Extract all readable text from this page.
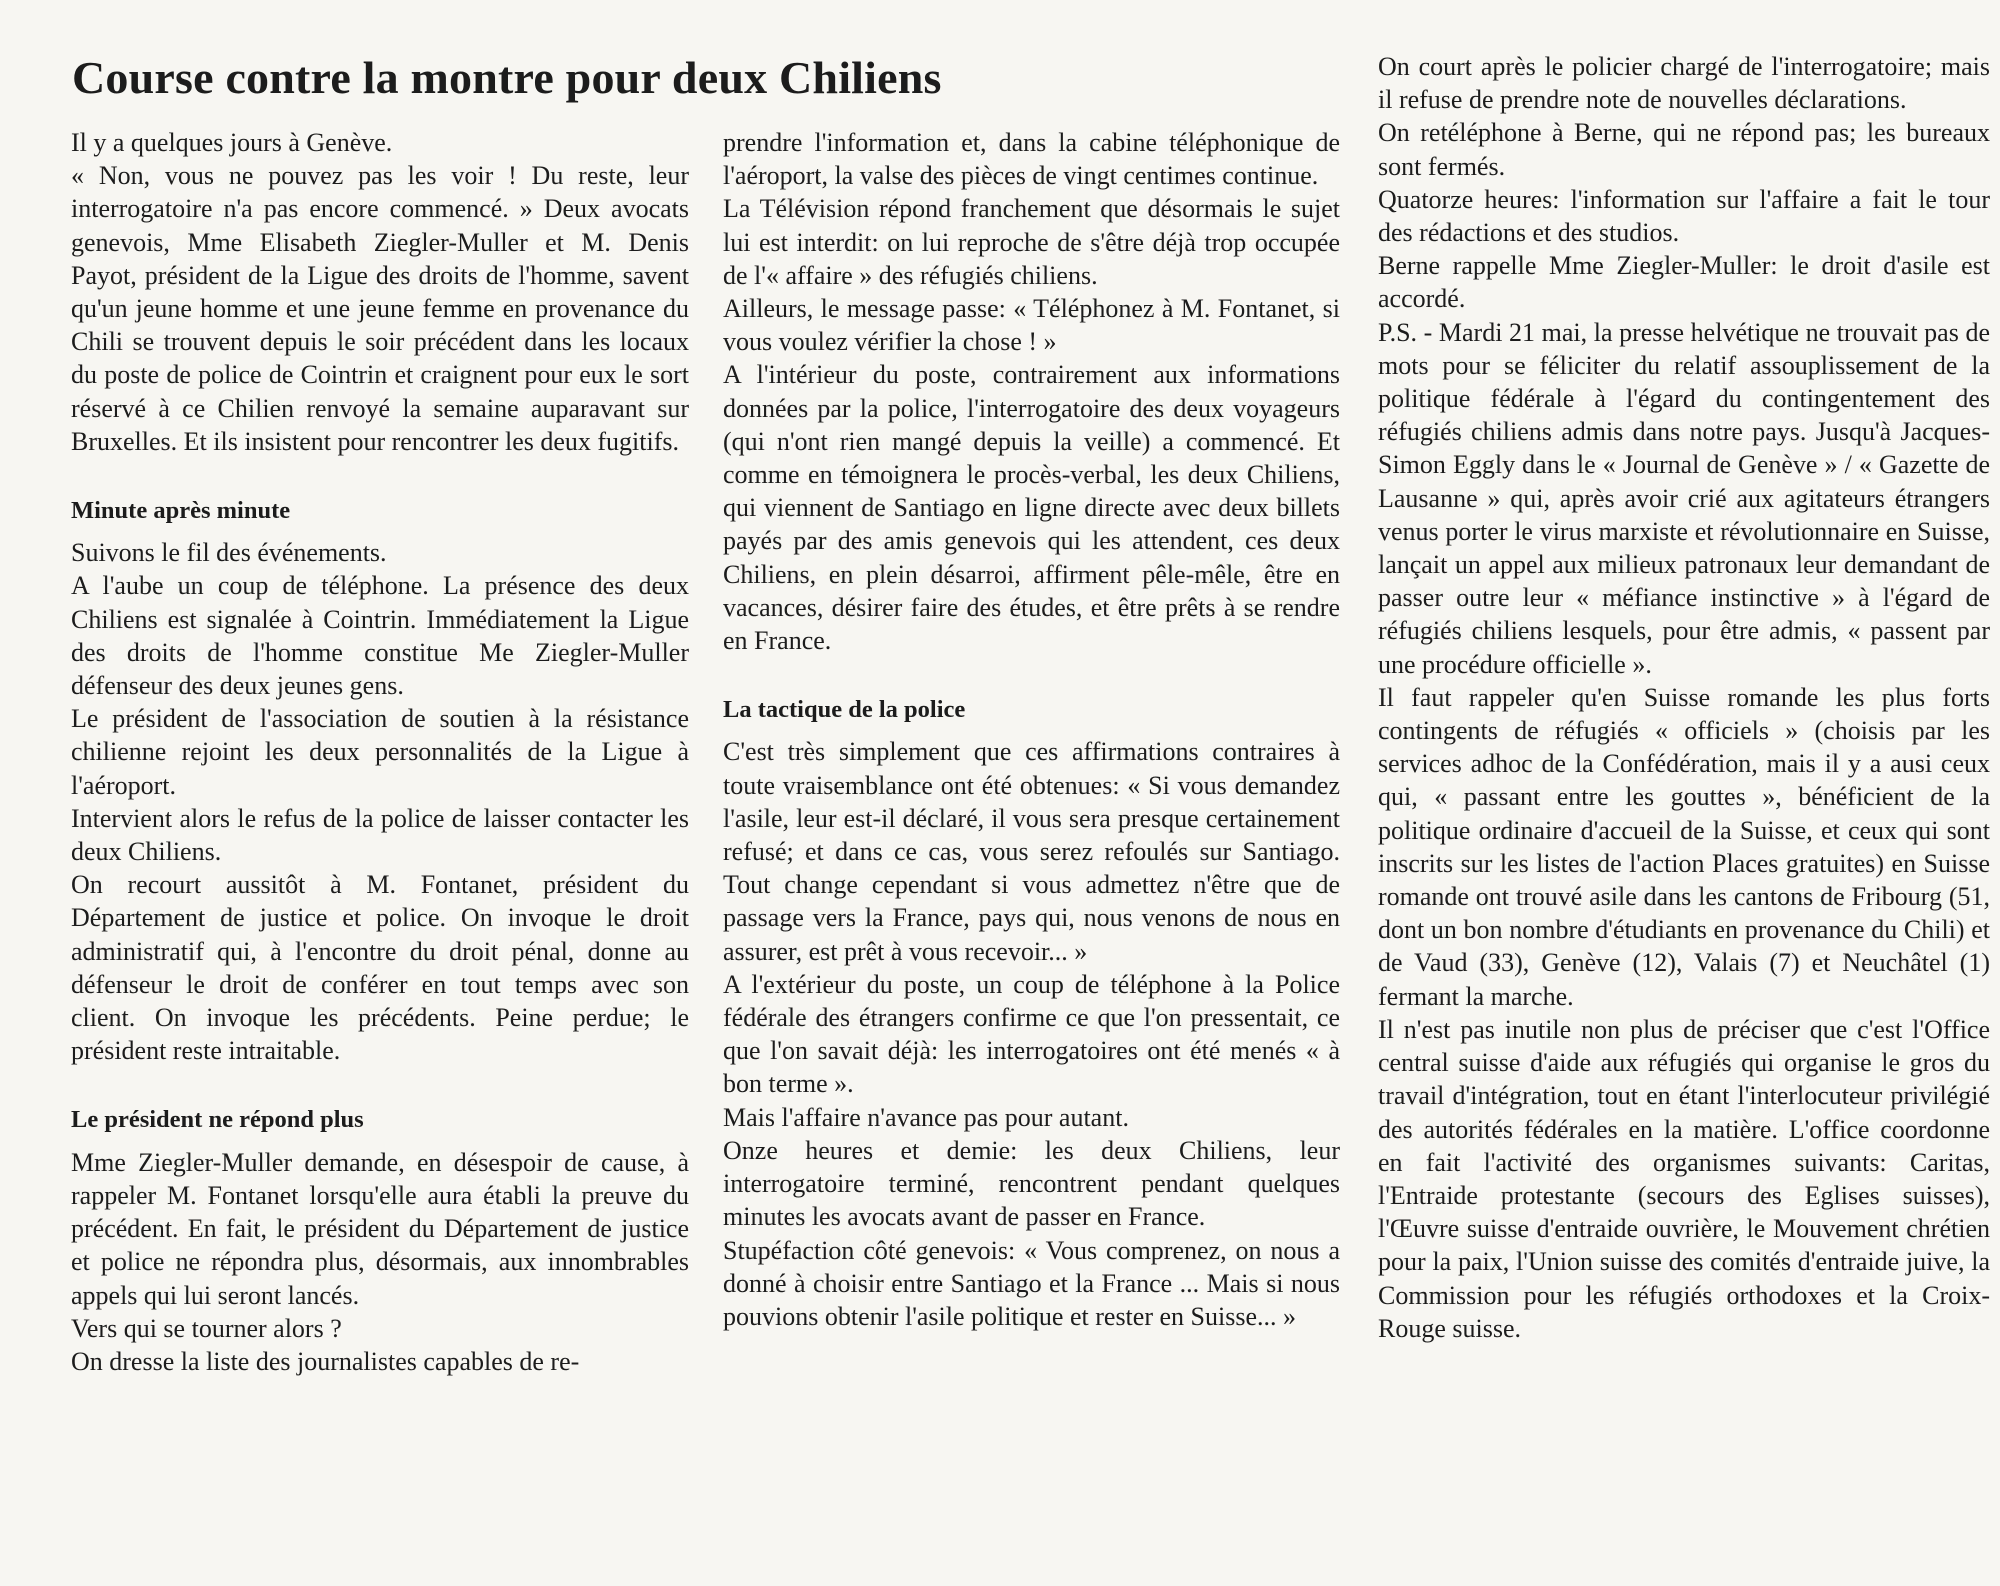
Course contre la montre pour deux Chiliens

Il y a quelques jours à Genève.

« Non, vous ne pouvez pas les voir ! Du reste, leur interrogatoire n'a pas encore commencé. » Deux avocats genevois, Mme Elisabeth Ziegler-Muller et M. Denis Payot, président de la Ligue des droits de l'homme, savent qu'un jeune homme et une jeune femme en provenance du Chili se trouvent depuis le soir précédent dans les locaux du poste de police de Cointrin et craignent pour eux le sort réservé à ce Chilien renvoyé la semaine auparavant sur Bruxelles. Et ils insistent pour rencontrer les deux fugitifs.

Minute après minute

Suivons le fil des événements.

A l'aube un coup de téléphone. La présence des deux Chiliens est signalée à Cointrin. Immédiatement la Ligue des droits de l'homme constitue Me Ziegler-Muller défenseur des deux jeunes gens.

Le président de l'association de soutien à la résistance chilienne rejoint les deux personnalités de la Ligue à l'aéroport.

Intervient alors le refus de la police de laisser contacter les deux Chiliens.

On recourt aussitôt à M. Fontanet, président du Département de justice et police. On invoque le droit administratif qui, à l'encontre du droit pénal, donne au défenseur le droit de conférer en tout temps avec son client. On invoque les précédents. Peine perdue; le président reste intraitable.

Le président ne répond plus

Mme Ziegler-Muller demande, en désespoir de cause, à rappeler M. Fontanet lorsqu'elle aura établi la preuve du précédent. En fait, le président du Département de justice et police ne répondra plus, désormais, aux innombrables appels qui lui seront lancés.

Vers qui se tourner alors ?

On dresse la liste des journalistes capables de re-

prendre l'information et, dans la cabine téléphonique de l'aéroport, la valse des pièces de vingt centimes continue.

La Télévision répond franchement que désormais le sujet lui est interdit: on lui reproche de s'être déjà trop occupée de l'« affaire » des réfugiés chiliens.

Ailleurs, le message passe: « Téléphonez à M. Fontanet, si vous voulez vérifier la chose ! »

A l'intérieur du poste, contrairement aux informations données par la police, l'interrogatoire des deux voyageurs (qui n'ont rien mangé depuis la veille) a commencé. Et comme en témoignera le procès-verbal, les deux Chiliens, qui viennent de Santiago en ligne directe avec deux billets payés par des amis genevois qui les attendent, ces deux Chiliens, en plein désarroi, affirment pêle-mêle, être en vacances, désirer faire des études, et être prêts à se rendre en France.

La tactique de la police

C'est très simplement que ces affirmations contraires à toute vraisemblance ont été obtenues: « Si vous demandez l'asile, leur est-il déclaré, il vous sera presque certainement refusé; et dans ce cas, vous serez refoulés sur Santiago. Tout change cependant si vous admettez n'être que de passage vers la France, pays qui, nous venons de nous en assurer, est prêt à vous recevoir... »

A l'extérieur du poste, un coup de téléphone à la Police fédérale des étrangers confirme ce que l'on pressentait, ce que l'on savait déjà: les interrogatoires ont été menés « à bon terme ».

Mais l'affaire n'avance pas pour autant.

Onze heures et demie: les deux Chiliens, leur interrogatoire terminé, rencontrent pendant quelques minutes les avocats avant de passer en France.

Stupéfaction côté genevois: « Vous comprenez, on nous a donné à choisir entre Santiago et la France ... Mais si nous pouvions obtenir l'asile politique et rester en Suisse... »

On court après le policier chargé de l'interrogatoire; mais il refuse de prendre note de nouvelles déclarations.

On retéléphone à Berne, qui ne répond pas; les bureaux sont fermés.

Quatorze heures: l'information sur l'affaire a fait le tour des rédactions et des studios.

Berne rappelle Mme Ziegler-Muller: le droit d'asile est accordé.

P.S. - Mardi 21 mai, la presse helvétique ne trouvait pas de mots pour se féliciter du relatif assouplissement de la politique fédérale à l'égard du contingentement des réfugiés chiliens admis dans notre pays. Jusqu'à Jacques-Simon Eggly dans le « Journal de Genève » / « Gazette de Lausanne » qui, après avoir crié aux agitateurs étrangers venus porter le virus marxiste et révolutionnaire en Suisse, lançait un appel aux milieux patronaux leur demandant de passer outre leur « méfiance instinctive » à l'égard de réfugiés chiliens lesquels, pour être admis, « passent par une procédure officielle ».

Il faut rappeler qu'en Suisse romande les plus forts contingents de réfugiés « officiels » (choisis par les services adhoc de la Confédération, mais il y a ausi ceux qui, « passant entre les gouttes », bénéficient de la politique ordinaire d'accueil de la Suisse, et ceux qui sont inscrits sur les listes de l'action Places gratuites) en Suisse romande ont trouvé asile dans les cantons de Fribourg (51, dont un bon nombre d'étudiants en provenance du Chili) et de Vaud (33), Genève (12), Valais (7) et Neuchâtel (1) fermant la marche.

Il n'est pas inutile non plus de préciser que c'est l'Office central suisse d'aide aux réfugiés qui organise le gros du travail d'intégration, tout en étant l'interlocuteur privilégié des autorités fédérales en la matière. L'office coordonne en fait l'activité des organismes suivants: Caritas, l'Entraide protestante (secours des Eglises suisses), l'Œuvre suisse d'entraide ouvrière, le Mouvement chrétien pour la paix, l'Union suisse des comités d'entraide juive, la Commission pour les réfugiés orthodoxes et la Croix-Rouge suisse.
